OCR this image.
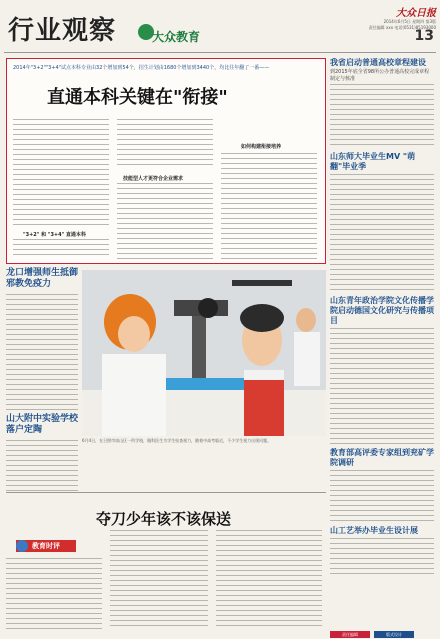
行业观察	大众教育
大众日报
2014年6月5日 星期四 第3版
责任编辑 xxx 电话(0531)85193000
13
2014年"3+2""3+4"试点本科专业由32个增加到54个，招生计划由1680个增加到3440个，均比往年翻了一番——
直通本科关键在"衔接"
"3+2" 和 "3+4" 直通本科
技能型人才更符合企业需求
如何构建衔接培养
我省启动普通高校章程建设
到2015年底全省98所公办普通高校完成章程制定与核准
山东师大毕业生MV "萌翻"毕业季
山东青年政治学院文化传播学院启动德国文化研究与传播项目
教育部高评委专家组到兖矿学院调研
山工艺举办毕业生设计展
龙口增强师生抵御邪教免疫力
山大附中实验学校落户定陶
6月4日，在日照市岚山区一所学校，眼科医生为学生检查视力，随着中高考临近，不少学生视力出现问题。
夺刀少年该不该保送
教育时评
责任编辑	版式设计
